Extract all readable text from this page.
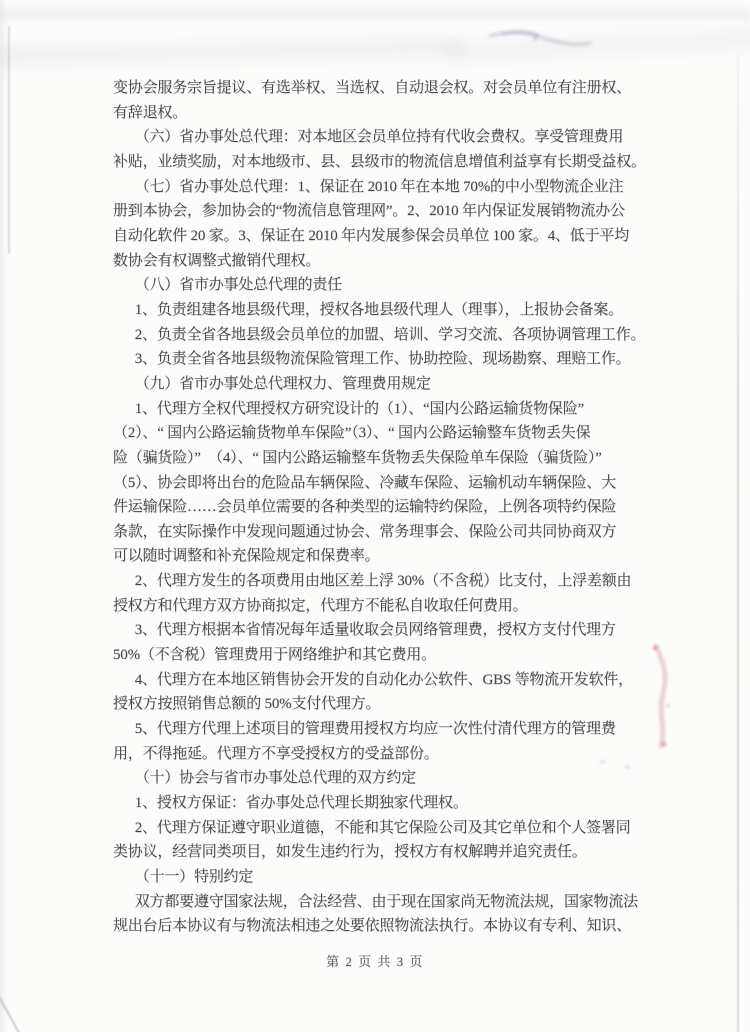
变协会服务宗旨提议、有选举权、当选权、自动退会权。对会员单位有注册权、
有辞退权。
（六）省办事处总代理：对本地区会员单位持有代收会费权。享受管理费用
补贴，业绩奖励，对本地级市、县、县级市的物流信息增值利益享有长期受益权。
（七）省办事处总代理：1、保证在 2010 年在本地 70%的中小型物流企业注
册到本协会，参加协会的“物流信息管理网”。2、2010 年内保证发展销物流办公
自动化软件 20 家。3、保证在 2010 年内发展参保会员单位 100 家。4、低于平均
数协会有权调整式撤销代理权。
（八）省市办事处总代理的责任
1、负责组建各地县级代理，授权各地县级代理人（理事），上报协会备案。
2、负责全省各地县级会员单位的加盟、培训、学习交流、各项协调管理工作。
3、负责全省各地县级物流保险管理工作、协助控险、现场勘察、理赔工作。
（九）省市办事处总代理权力、管理费用规定
1、代理方全权代理授权方研究设计的（1）、“国内公路运输货物保险”
（2）、“ 国内公路运输货物单车保险”（3）、“ 国内公路运输整车货物丢失保
险（骗货险）”　（4）、“ 国内公路运输整车货物丢失保险单车保险（骗货险）”
（5）、协会即将出台的危险品车辆保险、冷藏车保险、运输机动车辆保险、大
件运输保险……会员单位需要的各种类型的运输特约保险，上例各项特约保险
条款，在实际操作中发现问题通过协会、常务理事会、保险公司共同协商双方
可以随时调整和补充保险规定和保费率。
2、代理方发生的各项费用由地区差上浮 30%（不含税）比支付，上浮差额由
授权方和代理方双方协商拟定，代理方不能私自收取任何费用。
3、代理方根据本省情况每年适量收取会员网络管理费，授权方支付代理方
50%（不含税）管理费用于网络维护和其它费用。
4、代理方在本地区销售协会开发的自动化办公软件、GBS 等物流开发软件，
授权方按照销售总额的 50%支付代理方。
5、代理方代理上述项目的管理费用授权方均应一次性付清代理方的管理费
用，不得拖延。代理方不享受授权方的受益部份。
（十）协会与省市办事处总代理的双方约定
1、授权方保证：省办事处总代理长期独家代理权。
2、代理方保证遵守职业道德，不能和其它保险公司及其它单位和个人签署同
类协议，经营同类项目，如发生违约行为，授权方有权解聘并追究责任。
（十一）特别约定
双方都要遵守国家法规，合法经营、由于现在国家尚无物流法规，国家物流法
规出台后本协议有与物流法相违之处要依照物流法执行。本协议有专利、知识、
第 2 页 共 3 页
